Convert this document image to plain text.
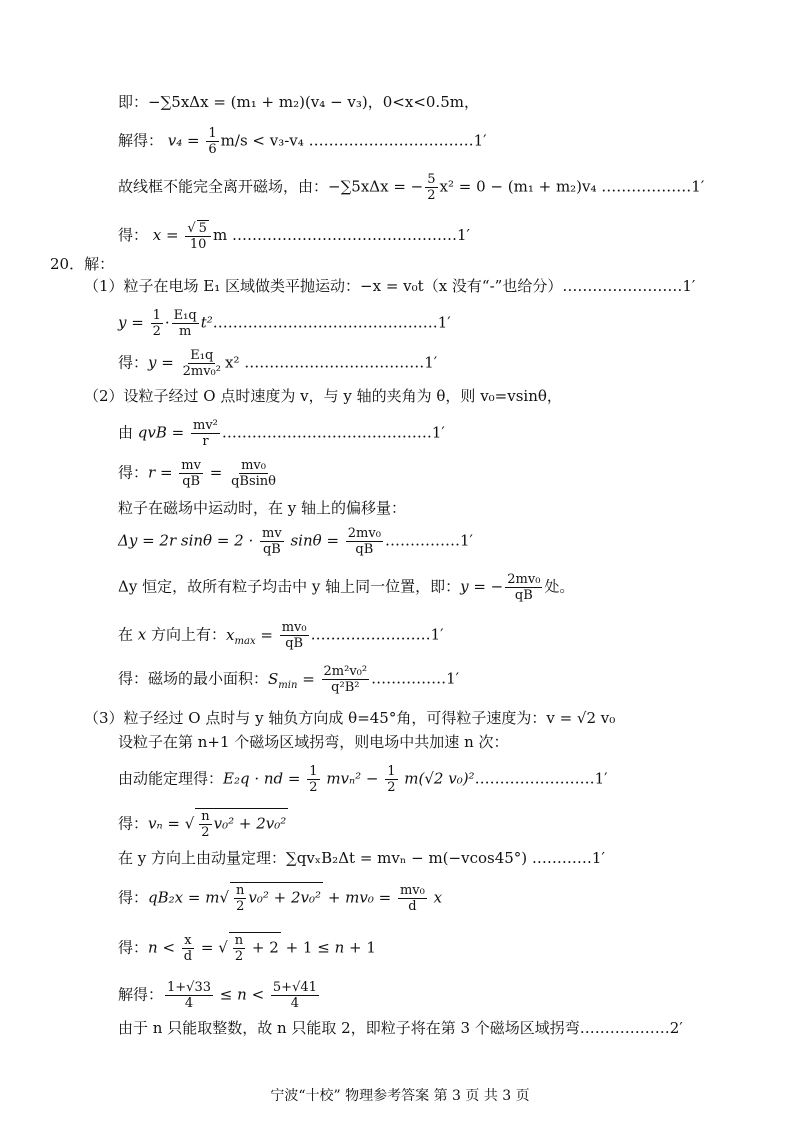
即：−∑5xΔx = (m₁ + m₂)(v₄ − v₃)，0<x<0.5m，
解得： $v_4 = \frac{1}{6} m/s < v_3-v_4$ ……………………………1′
故线框不能完全离开磁场，由：−∑5xΔx = − $\frac{5}{2} x^2 = 0 - (m_1 + m_2)v_4$ ………………1′
得： $x = \frac{√ 5}{10}$ m ………………………………………1′
20．解：
（1）粒子在电场 E₁ 区域做类平抛运动：−x = v₀t（x 没有“-”也给分）……………………1′
$y = \frac{1}{2} \cdot \frac{\text{E₁q}}{m}$ t²………………………………………1′
得：$y = \frac{\text{E₁q}}{\text{2mv₀²}} x^2$ ………………………………1′
（2）设粒子经过 O 点时速度为 v，与 y 轴的夹角为 θ，则 v₀=vsinθ，
由 qvB = $\frac{\text{mv²}}{r}$ ……………………………………1′
得：$r = \frac{mv}{qB} = \frac{\text{mv₀}}{qBsin\theta}$
粒子在磁场中运动时，在 y 轴上的偏移量：
Δy = 2r $\sin\theta = 2 \cdot \frac{mv}{qB}$ $\sin\theta = \frac{\text{2mv₀}}{qB}$ ……………1′
Δy 恒定，故所有粒子均击中 y 轴上同一位置，即：y = − $\frac{\text{2mv₀}}{qB}$ 处。
在 x 方向上有：$x_{max} = \frac{\text{mv₀}}{qB}$ ……………………1′
得：磁场的最小面积：$S_{min} = \frac{\text{2m²v₀²}}{\text{q²B²}}$ ……………1′
（3）粒子经过 O 点时与 y 轴负方向成 θ=45°角，可得粒子速度为：v = √2 v₀
设粒子在第 n+1 个磁场区域拐弯，则电场中共加速 n 次：
由动能定理得：E₂q · nd = $\frac{1}{2} mv_n^2 - \frac{1}{2} m(√2$ v₀)²……………………1′
得：vₙ = √ $\frac{n}{2} v_0^2 + 2v_0^2$
在 y 方向上由动量定理：∑qvₓB₂Δt = mvₙ − m(−vcos45°) …………1′
得：$qB_2x = m√ \frac{n}{2} v_0^2 + 2v_0^2 + mv_0 = \frac{\text{mv₀}}{d}$ x
得：$n < \frac{x}{d}$ = √ $\frac{n}{2} + 2 + 1 \le n + 1$
解得： $\frac{1+√33}{4} \le n < \frac{5+√41}{4}$
由于 n 只能取整数，故 n 只能取 2，即粒子将在第 3 个磁场区域拐弯………………2′
宁波“十校” 物理参考答案 第 3 页 共 3 页
